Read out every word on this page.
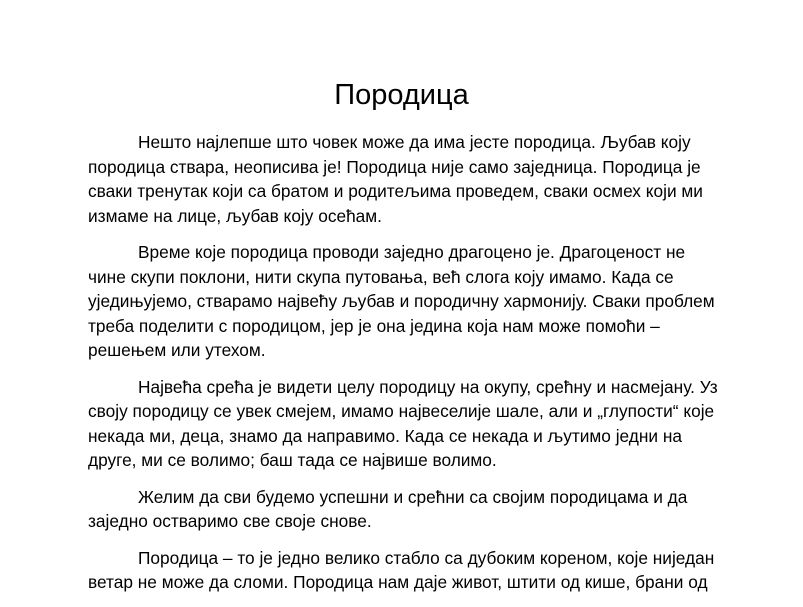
Породица

Нешто најлепше што човек може да има јесте породица. Љубав коју
породица ствара, неописива је! Породица није само заједница. Породица је
сваки тренутак који са братом и родитељима проведем, сваки осмех који ми
измаме на лице, љубав коју осећам.

Време које породица проводи заједно драгоцено је. Драгоценост не
чине скупи поклони, нити скупа путовања, већ слога коју имамо. Када се
уједињујемо, стварамо највећу љубав и породичну хармонију. Сваки проблем
треба поделити с породицом, јер је она једина која нам може помоћи –
решењем или утехом.

Највећа срећа је видети целу породицу на окупу, срећну и насмејану. Уз
своју породицу се увек смејем, имамо највеселије шале, али и „глупости“ које
некада ми, деца, знамо да направимо. Када се некада и љутимо једни на
друге, ми се волимо; баш тада се највише волимо.

Желим да сви будемо успешни и срећни са својим породицама и да
заједно остваримо све своје снове.

Породица – то је једно велико стабло са дубоким кореном, које ниједан
ветар не може да сломи. Породица нам даје живот, штити од кише, брани од
